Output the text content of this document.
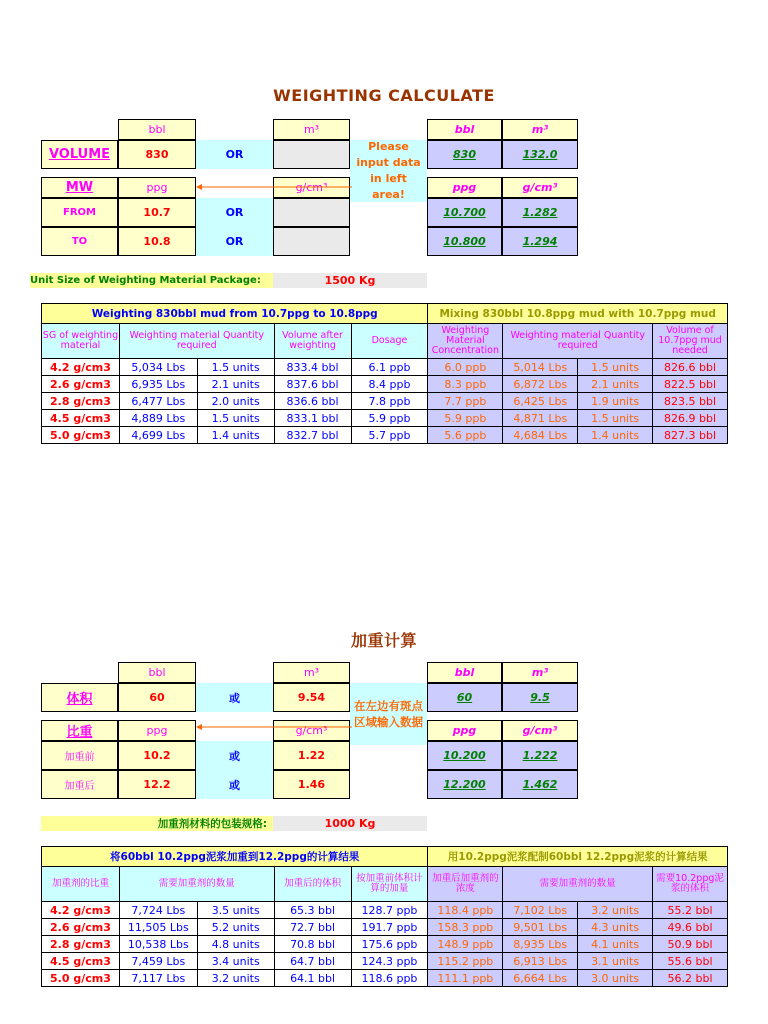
WEIGHTING CALCULATE
bbl	m³
VOLUME	830	OR
Please input data in left area!
MW	ppg	g/cm³
FROM	10.7	OR
TO	10.8	OR
bbl	m³
830	132.0
ppg	g/cm³
10.700	1.282
10.800	1.294
Unit Size of Weighting Material Package:	1500 Kg
Weighting 830bbl mud from 10.7ppg to 10.8ppg					Mixing 830bbl 10.8ppg mud with 10.7ppg mud			
SG of weighting material	Weighting material Quantity required		Volume after weighting	Dosage	Weighting Material Concentration	Weighting material Quantity required		Volume of 10.7ppg mud needed
4.2 g/cm3	5,034 Lbs	1.5 units	833.4 bbl	6.1 ppb	6.0 ppb	5,014 Lbs	1.5 units	826.6 bbl
2.6 g/cm3	6,935 Lbs	2.1 units	837.6 bbl	8.4 ppb	8.3 ppb	6,872 Lbs	2.1 units	822.5 bbl
2.8 g/cm3	6,477 Lbs	2.0 units	836.6 bbl	7.8 ppb	7.7 ppb	6,425 Lbs	1.9 units	823.5 bbl
4.5 g/cm3	4,889 Lbs	1.5 units	833.1 bbl	5.9 ppb	5.9 ppb	4,871 Lbs	1.5 units	826.9 bbl
5.0 g/cm3	4,699 Lbs	1.4 units	832.7 bbl	5.7 ppb	5.6 ppb	4,684 Lbs	1.4 units	827.3 bbl
加重计算
bbl	m³
体积	60	或	9.54
在左边有斑点区域输入数据
比重	ppg	g/cm³
加重前	10.2	或	1.22
加重后	12.2	或	1.46
bbl	m³
60	9.5
ppg	g/cm³
10.200	1.222
12.200	1.462
加重剂材料的包装规格:	1000 Kg
将60bbl 10.2ppg泥浆加重到12.2ppg的计算结果					用10.2ppg泥浆配制60bbl 12.2ppg泥浆的计算结果			
加重剂的比重	需要加重剂的数量		加重后的体积	按加重前体积计算的加量	加重后加重剂的浓度	需要加重剂的数量		需要10.2ppg泥浆的体积
4.2 g/cm3	7,724 Lbs	3.5 units	65.3 bbl	128.7 ppb	118.4 ppb	7,102 Lbs	3.2 units	55.2 bbl
2.6 g/cm3	11,505 Lbs	5.2 units	72.7 bbl	191.7 ppb	158.3 ppb	9,501 Lbs	4.3 units	49.6 bbl
2.8 g/cm3	10,538 Lbs	4.8 units	70.8 bbl	175.6 ppb	148.9 ppb	8,935 Lbs	4.1 units	50.9 bbl
4.5 g/cm3	7,459 Lbs	3.4 units	64.7 bbl	124.3 ppb	115.2 ppb	6,913 Lbs	3.1 units	55.6 bbl
5.0 g/cm3	7,117 Lbs	3.2 units	64.1 bbl	118.6 ppb	111.1 ppb	6,664 Lbs	3.0 units	56.2 bbl
